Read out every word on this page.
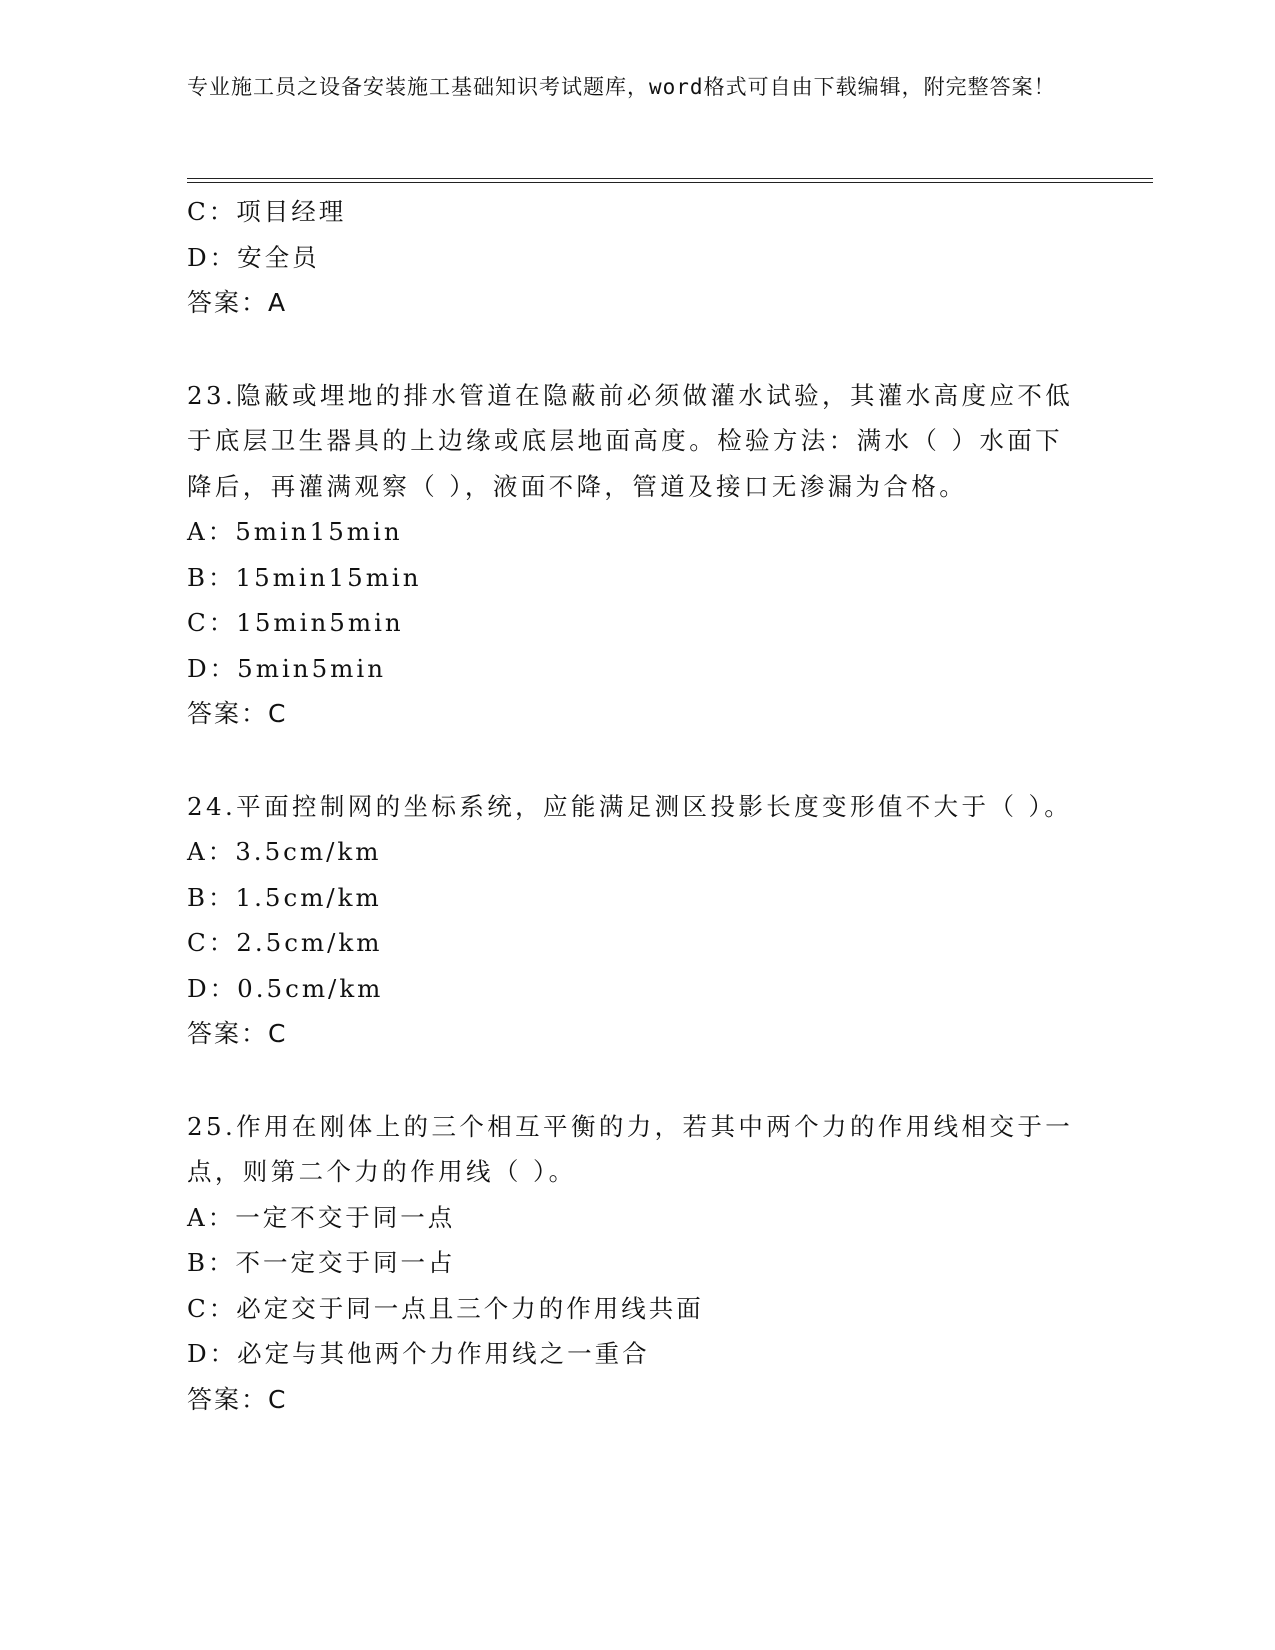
专业施工员之设备安装施工基础知识考试题库，word格式可自由下载编辑，附完整答案！
C：项目经理
D：安全员
答案：A
23.隐蔽或埋地的排水管道在隐蔽前必须做灌水试验，其灌水高度应不低于底层卫生器具的上边缘或底层地面高度。检验方法：满水（ ）水面下降后，再灌满观察（ ），液面不降，管道及接口无渗漏为合格。
A：5min15min
B：15min15min
C：15min5min
D：5min5min
答案：C
24.平面控制网的坐标系统，应能满足测区投影长度变形值不大于（ ）。
A：3.5cm/km
B：1.5cm/km
C：2.5cm/km
D：0.5cm/km
答案：C
25.作用在刚体上的三个相互平衡的力，若其中两个力的作用线相交于一点，则第二个力的作用线（ ）。
A：一定不交于同一点
B：不一定交于同一占
C：必定交于同一点且三个力的作用线共面
D：必定与其他两个力作用线之一重合
答案：C
